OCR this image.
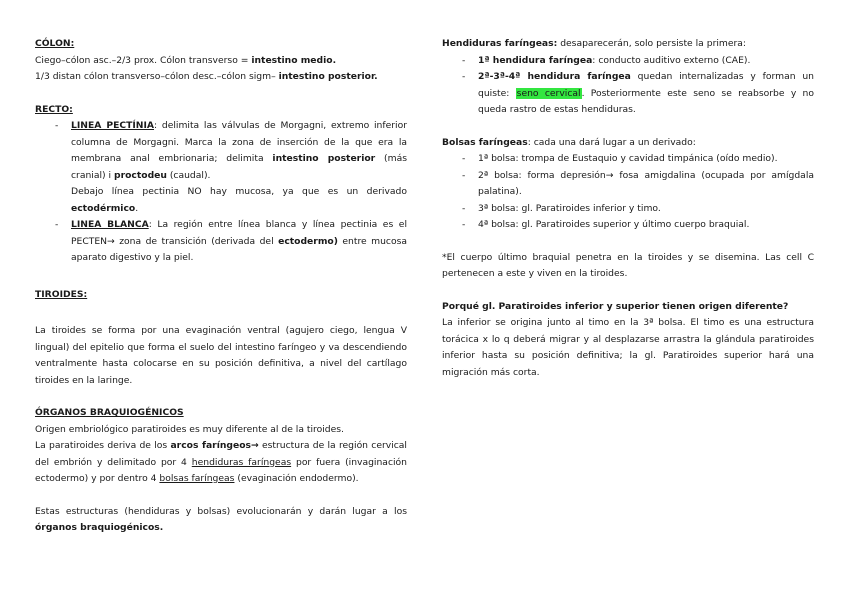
CÓLON:

Ciego–cólon asc.–2/3 prox. Cólon transverso = intestino medio.

1/3 distan cólon transverso–cólon desc.–cólon sigm– intestino posterior.

RECTO:

- LINEA PECTÍNIA: delimita las válvulas de Morgagni, extremo inferior columna de Morgagni. Marca la zona de inserción de la que era la membrana anal embrionaria; delimita intestino posterior (más cranial) i proctodeu (caudal).

Debajo línea pectinia NO hay mucosa, ya que es un derivado ectodérmico.

- LINEA BLANCA: La región entre línea blanca y línea pectinia es el PECTEN→ zona de transición (derivada del ectodermo) entre mucosa aparato digestivo y la piel.

TIROIDES:

La tiroides se forma por una evaginación ventral (agujero ciego, lengua V lingual) del epitelio que forma el suelo del intestino faríngeo y va descendiendo ventralmente hasta colocarse en su posición definitiva, a nivel del cartílago tiroides en la laringe.

ÓRGANOS BRAQUIOGÉNICOS

Origen embriológico paratiroides es muy diferente al de la tiroides.

La paratiroides deriva de los arcos faríngeos→ estructura de la región cervical del embrión y delimitado por 4 hendiduras faríngeas por fuera (invaginación ectodermo) y por dentro 4 bolsas faríngeas (evaginación endodermo).

Estas estructuras (hendiduras y bolsas) evolucionarán y darán lugar a los órganos braquiogénicos.

Hendiduras faríngeas: desaparecerán, solo persiste la primera:

- 1ª hendidura faríngea: conducto auditivo externo (CAE).
- 2ª-3ª-4ª hendidura faríngea quedan internalizadas y forman un quiste: seno cervical. Posteriormente este seno se reabsorbe y no queda rastro de estas hendiduras.

Bolsas faríngeas: cada una dará lugar a un derivado:

- 1ª bolsa: trompa de Eustaquio y cavidad timpánica (oído medio).
- 2ª bolsa: forma depresión→ fosa amigdalina (ocupada por amígdala palatina).
- 3ª bolsa: gl. Paratiroides inferior y timo.
- 4ª bolsa: gl. Paratiroides superior y último cuerpo braquial.

*El cuerpo último braquial penetra en la tiroides y se disemina. Las cell C pertenecen a este y viven en la tiroides.

Porqué gl. Paratiroides inferior y superior tienen origen diferente?

La inferior se origina junto al timo en la 3ª bolsa. El timo es una estructura torácica x lo q deberá migrar y al desplazarse arrastra la glándula paratiroides inferior hasta su posición definitiva; la gl. Paratiroides superior hará una migración más corta.
